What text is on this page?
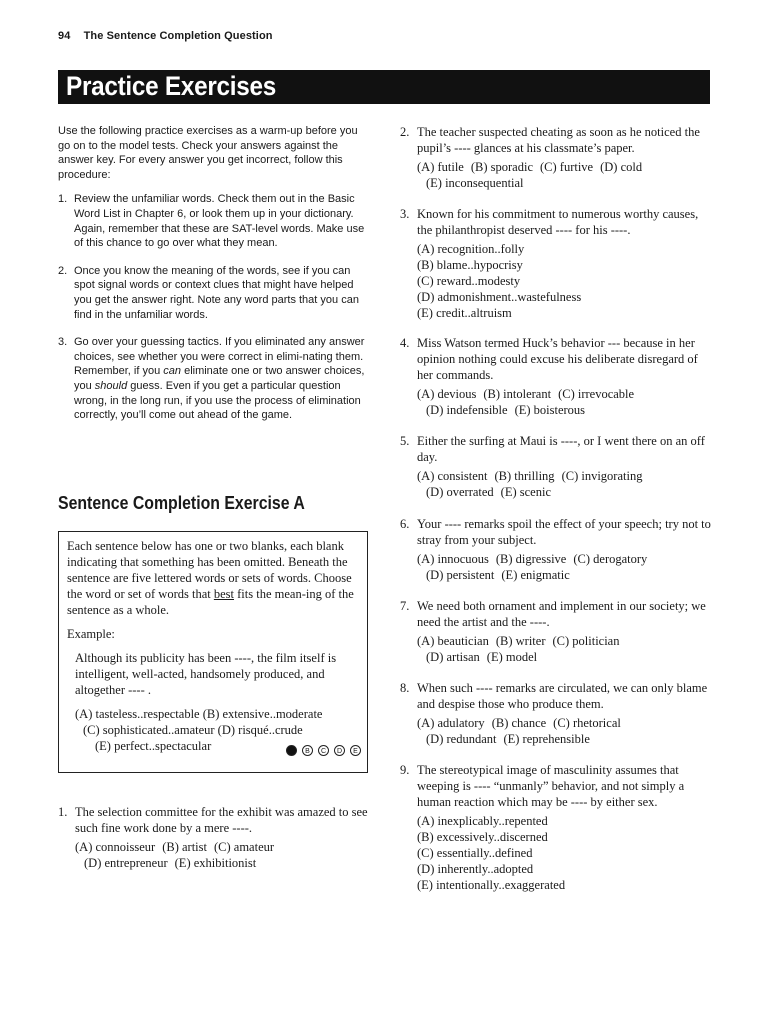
94 The Sentence Completion Question
Practice Exercises

Use the following practice exercises as a warm-up before you go on to the model tests. Check your answers against the answer key. For every answer you get incorrect, follow this procedure:

1. Review the unfamiliar words. Check them out in the Basic Word List in Chapter 6, or look them up in your dictionary. Again, remember that these are SAT-level words. Make use of this chance to go over what they mean.
2. Once you know the meaning of the words, see if you can spot signal words or context clues that might have helped you get the answer right. Note any word parts that you can find in the unfamiliar words.
3. Go over your guessing tactics. If you eliminated any answer choices, see whether you were correct in elimi-nating them. Remember, if you can eliminate one or two answer choices, you should guess. Even if you get a particular question wrong, in the long run, if you use the process of elimination correctly, you’ll come out ahead of the game.
Sentence Completion Exercise A

Each sentence below has one or two blanks, each blank indicating that something has been omitted. Beneath the sentence are five lettered words or sets of words. Choose the word or set of words that best fits the mean-ing of the sentence as a whole.

Example:

Although its publicity has been ----, the film itself is intelligent, well-acted, handsomely produced, and altogether ---- .

(A) tasteless..respectable (B) extensive..moderate
(C) sophisticated..amateur (D) risqué..crude
(E) perfect..spectacular	B	C	D	E
1. The selection committee for the exhibit was amazed to see such fine work done by a mere ----.
(A) connoisseur (B) artist (C) amateur
(D) entrepreneur (E) exhibitionist
2. The teacher suspected cheating as soon as he noticed the pupil’s ---- glances at his classmate’s paper.
(A) futile (B) sporadic (C) furtive (D) cold
(E) inconsequential
3. Known for his commitment to numerous worthy causes, the philanthropist deserved ---- for his ----.
(A) recognition..folly
(B) blame..hypocrisy
(C) reward..modesty
(D) admonishment..wastefulness
(E) credit..altruism
4. Miss Watson termed Huck’s behavior --- because in her opinion nothing could excuse his deliberate disregard of her commands.
(A) devious (B) intolerant (C) irrevocable
(D) indefensible (E) boisterous
5. Either the surfing at Maui is ----, or I went there on an off day.
(A) consistent (B) thrilling (C) invigorating
(D) overrated (E) scenic
6. Your ---- remarks spoil the effect of your speech; try not to stray from your subject.
(A) innocuous (B) digressive (C) derogatory
(D) persistent (E) enigmatic
7. We need both ornament and implement in our society; we need the artist and the ----.
(A) beautician (B) writer (C) politician
(D) artisan (E) model
8. When such ---- remarks are circulated, we can only blame and despise those who produce them.
(A) adulatory (B) chance (C) rhetorical
(D) redundant (E) reprehensible
9. The stereotypical image of masculinity assumes that weeping is ---- “unmanly” behavior, and not simply a human reaction which may be ---- by either sex.
(A) inexplicably..repented
(B) excessively..discerned
(C) essentially..defined
(D) inherently..adopted
(E) intentionally..exaggerated
